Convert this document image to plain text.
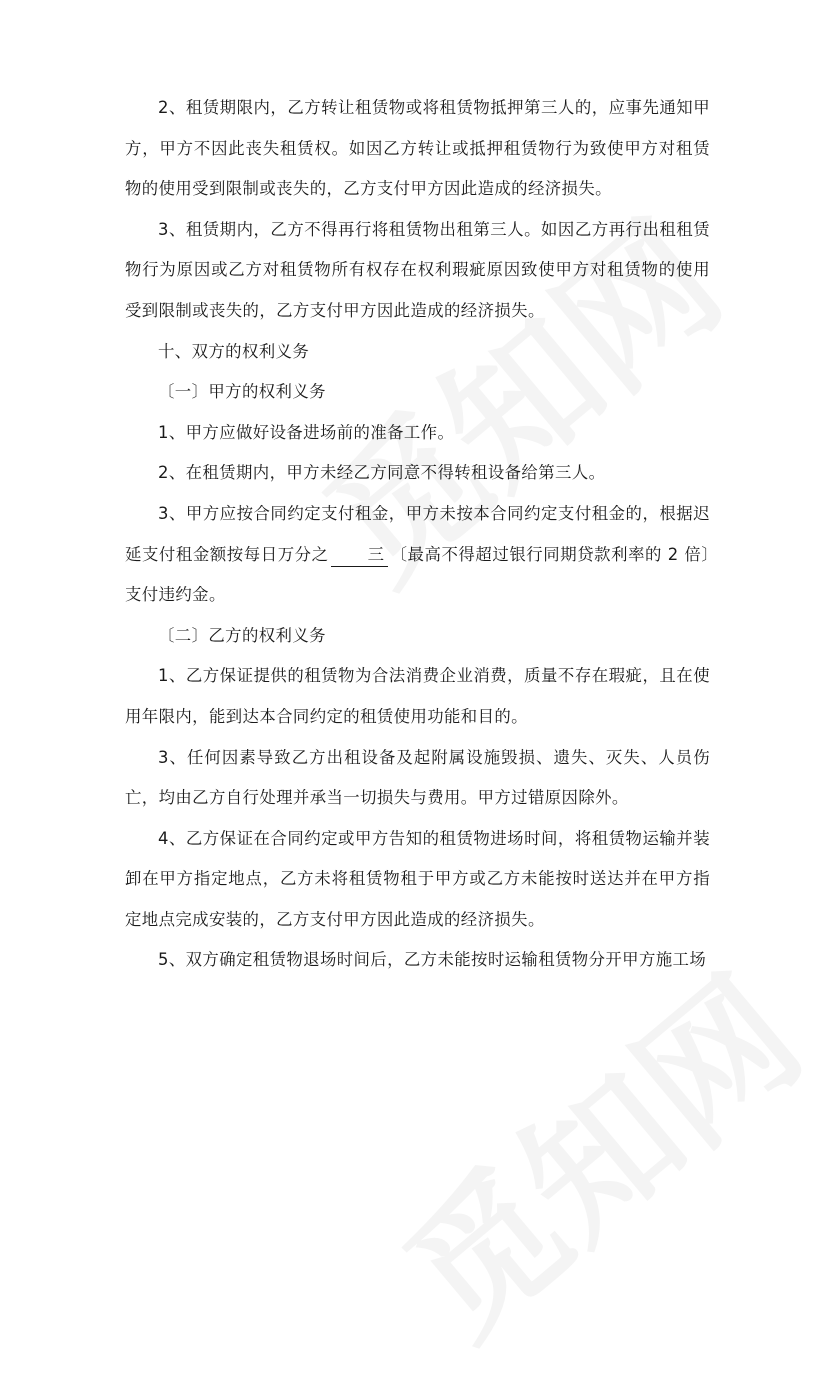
2、租赁期限内，乙方转让租赁物或将租赁物抵押第三人的，应事先通知甲方，甲方不因此丧失租赁权。如因乙方转让或抵押租赁物行为致使甲方对租赁物的使用受到限制或丧失的，乙方支付甲方因此造成的经济损失。

3、租赁期内，乙方不得再行将租赁物出租第三人。如因乙方再行出租租赁物行为原因或乙方对租赁物所有权存在权利瑕疵原因致使甲方对租赁物的使用受到限制或丧失的，乙方支付甲方因此造成的经济损失。

十、双方的权利义务

〔一〕甲方的权利义务

1、甲方应做好设备进场前的准备工作。

2、在租赁期内，甲方未经乙方同意不得转租设备给第三人。

3、甲方应按合同约定支付租金，甲方未按本合同约定支付租金的，根据迟延支付租金额按每日万分之 三 〔最高不得超过银行同期贷款利率的 2 倍〕支付违约金。

〔二〕乙方的权利义务

1、乙方保证提供的租赁物为合法消费企业消费，质量不存在瑕疵，且在使用年限内，能到达本合同约定的租赁使用功能和目的。

3、任何因素导致乙方出租设备及起附属设施毁损、遗失、灭失、人员伤亡，均由乙方自行处理并承当一切损失与费用。甲方过错原因除外。

4、乙方保证在合同约定或甲方告知的租赁物进场时间，将租赁物运输并装卸在甲方指定地点，乙方未将租赁物租于甲方或乙方未能按时送达并在甲方指定地点完成安装的，乙方支付甲方因此造成的经济损失。

5、双方确定租赁物退场时间后，乙方未能按时运输租赁物分开甲方施工场
